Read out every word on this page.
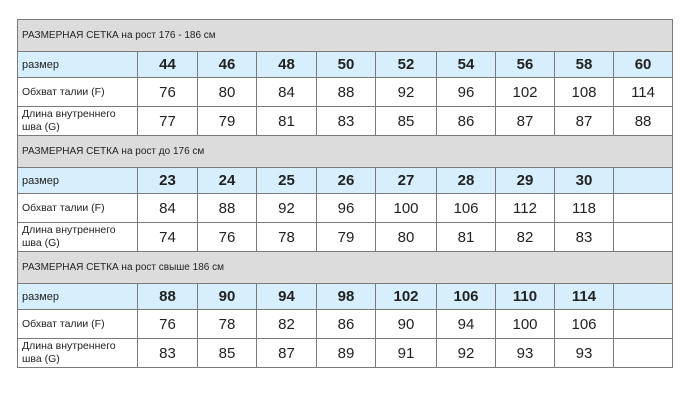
РАЗМЕРНАЯ СЕТКА на рост 176 - 186 см									
размер	44	46	48	50	52	54	56	58	60
Обхват талии (F)	76	80	84	88	92	96	102	108	114
Длина внутреннего шва (G)	77	79	81	83	85	86	87	87	88
РАЗМЕРНАЯ СЕТКА на рост до 176 см									
размер	23	24	25	26	27	28	29	30	
Обхват талии (F)	84	88	92	96	100	106	112	118	
Длина внутреннего шва (G)	74	76	78	79	80	81	82	83	
РАЗМЕРНАЯ СЕТКА на рост свыше 186 см									
размер	88	90	94	98	102	106	110	114	
Обхват талии (F)	76	78	82	86	90	94	100	106	
Длина внутреннего шва (G)	83	85	87	89	91	92	93	93	
